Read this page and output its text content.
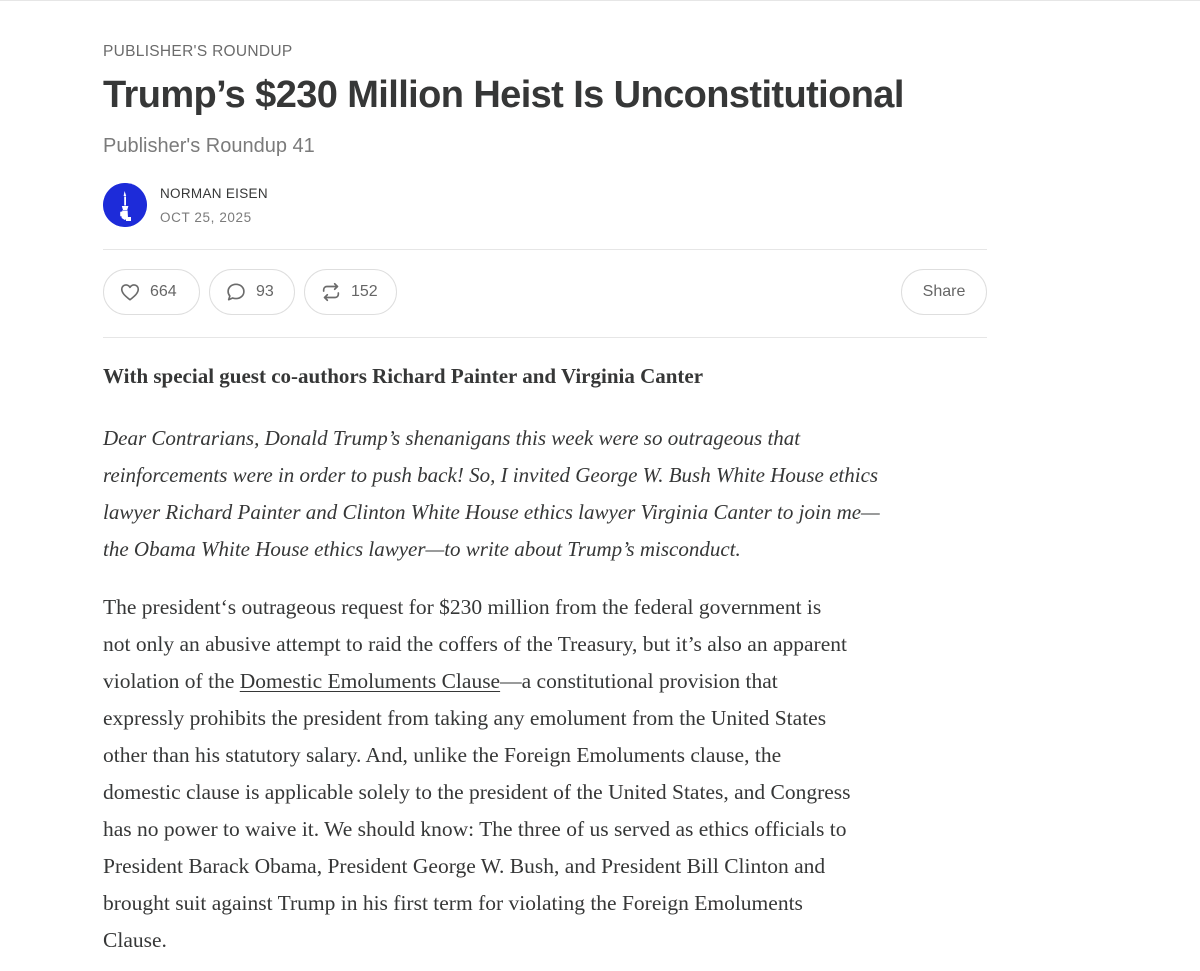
PUBLISHER'S ROUNDUP
Trump’s $230 Million Heist Is Unconstitutional
Publisher's Roundup 41
NORMAN EISEN
OCT 25, 2025
664	93	152	Share
With special guest co-authors Richard Painter and Virginia Canter
Dear Contrarians, Donald Trump’s shenanigans this week were so outrageous that
reinforcements were in order to push back! So, I invited George W. Bush White House ethics
lawyer Richard Painter and Clinton White House ethics lawyer Virginia Canter to join me—
the Obama White House ethics lawyer—to write about Trump’s misconduct.
The president‘s outrageous request for $230 million from the federal government is
not only an abusive attempt to raid the coffers of the Treasury, but it’s also an apparent
violation of the Domestic Emoluments Clause—a constitutional provision that
expressly prohibits the president from taking any emolument from the United States
other than his statutory salary. And, unlike the Foreign Emoluments clause, the
domestic clause is applicable solely to the president of the United States, and Congress
has no power to waive it. We should know: The three of us served as ethics officials to
President Barack Obama, President George W. Bush, and President Bill Clinton and
brought suit against Trump in his first term for violating the Foreign Emoluments
Clause.
